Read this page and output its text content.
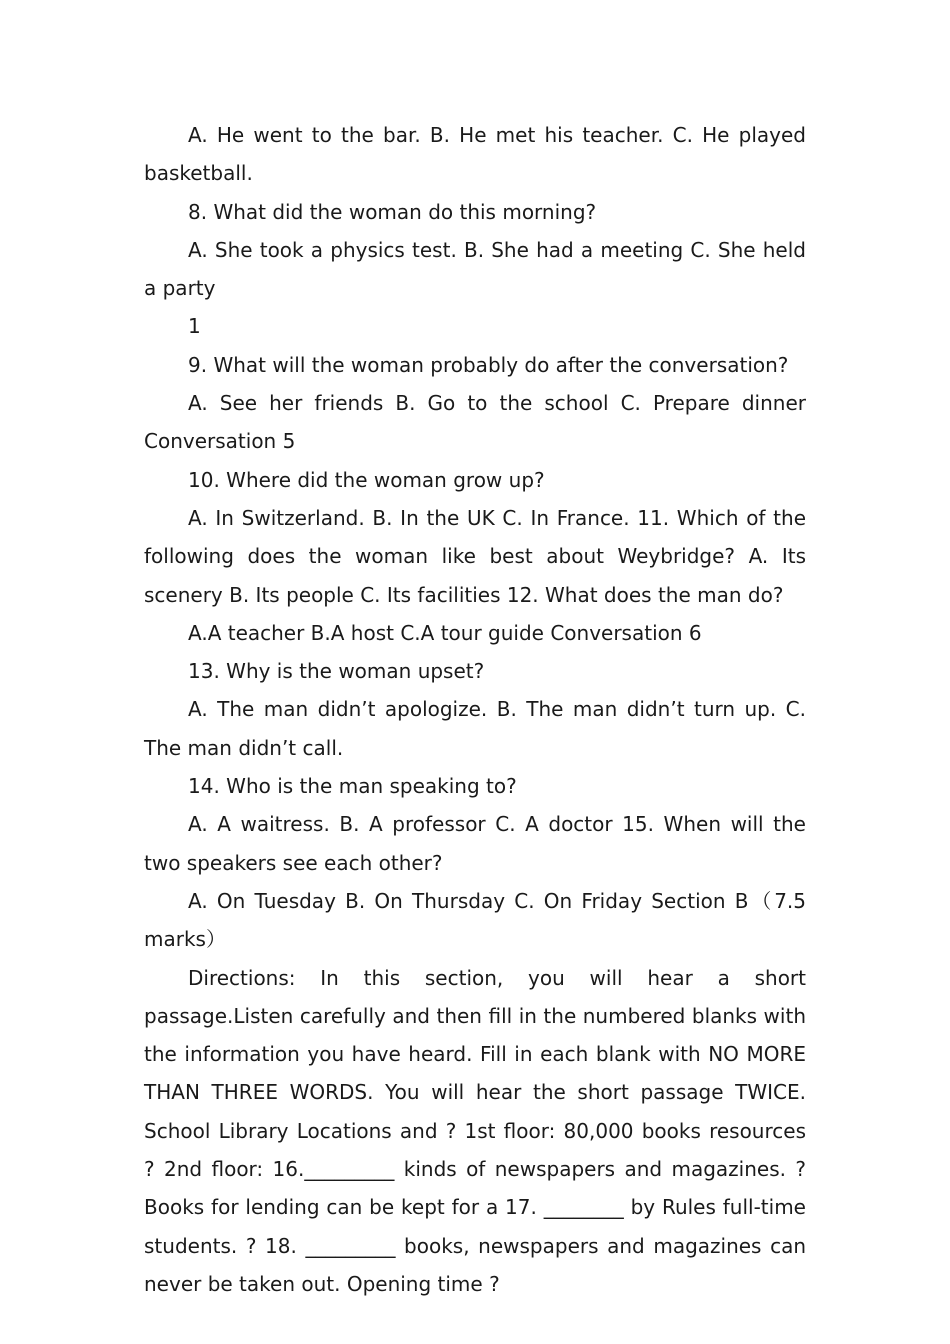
A. He went to the bar. B. He met his teacher. C. He played basketball.

8. What did the woman do this morning?

A. She took a physics test. B. She had a meeting C. She held a party

1

9. What will the woman probably do after the conversation?

A. See her friends B. Go to the school C. Prepare dinner Conversation 5

10. Where did the woman grow up?

A. In Switzerland. B. In the UK C. In France. 11. Which of the following does the woman like best about Weybridge? A. Its scenery B. Its people C. Its facilities 12. What does the man do?

A.A teacher B.A host C.A tour guide Conversation 6

13. Why is the woman upset?

A. The man didn’t apologize. B. The man didn’t turn up. C. The man didn’t call.

14. Who is the man speaking to?

A. A waitress. B. A professor C. A doctor 15. When will the two speakers see each other?

A. On Tuesday B. On Thursday C. On Friday Section B（7.5 marks）

Directions: In this section, you will hear a short passage.Listen carefully and then fill in the numbered blanks with the information you have heard. Fill in each blank with NO MORE THAN THREE WORDS. You will hear the short passage TWICE. School Library Locations and ? 1st floor: 80,000 books resources ? 2nd floor: 16._________ kinds of newspapers and magazines. ? Books for lending can be kept for a 17. ________ by Rules full-time students. ? 18. _________ books, newspapers and magazines can never be taken out. Opening time ?
